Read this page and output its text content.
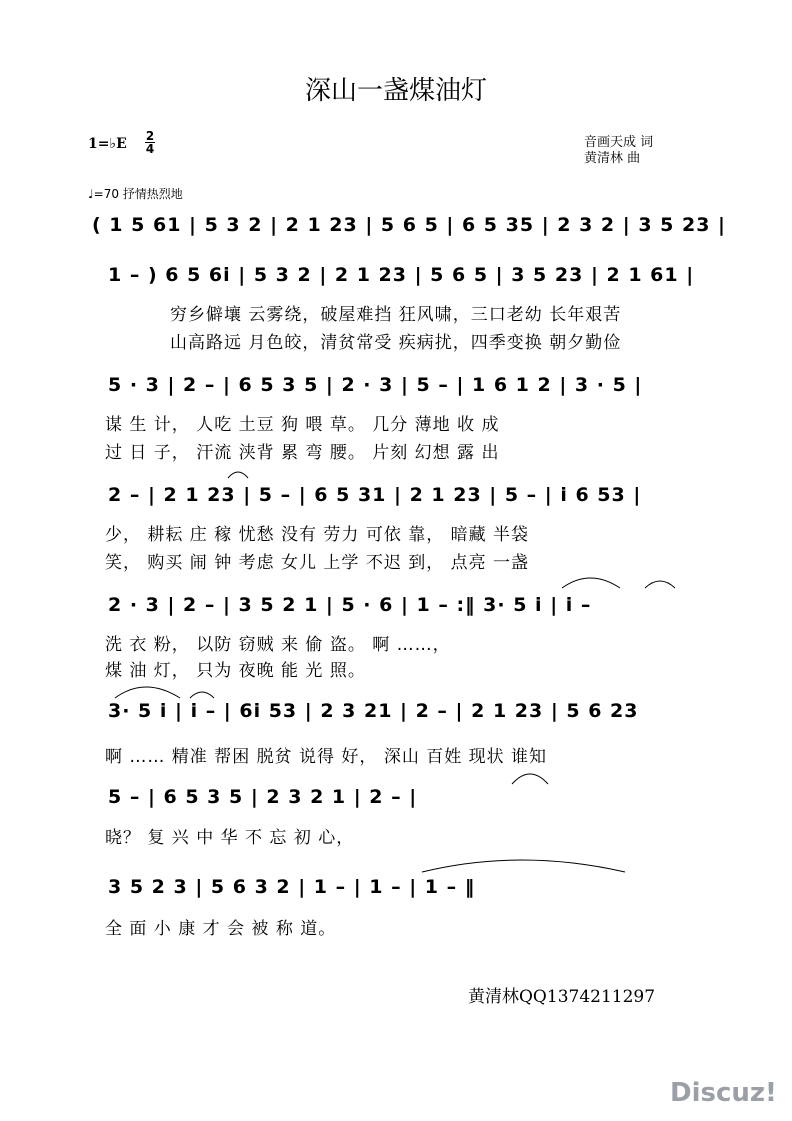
深山一盏煤油灯
1=♭E 2
4	音画天成 词
黄清林 曲
♩=70 抒情热烈地
( 1 5 61 | 5 3 2 | 2 1 23 | 5 6 5 | 6 5 35 | 2 3 2 | 3 5 23 |
1 – ) 6 5 6i | 5 3 2 | 2 1 23 | 5 6 5 | 3 5 23 | 2 1 61 |
穷乡僻壤 云雾绕，破屋难挡 狂风啸，三口老幼 长年艰苦
山高路远 月色皎，清贫常受 疾病扰，四季变换 朝夕勤俭
5 · 3 | 2 – | 6 5 3 5 | 2 · 3 | 5 – | 1 6 1 2 | 3 · 5 |
谋 生 计， 人吃 土豆 狗 喂 草。 几分 薄地 收 成
过 日 子， 汗流 浃背 累 弯 腰。 片刻 幻想 露 出
2 – | 2 1 23 | 5 – | 6 5 31 | 2 1 23 | 5 – | i 6 53 |
少， 耕耘 庄 稼 忧愁 没有 劳力 可依 靠， 暗藏 半袋
笑， 购买 闹 钟 考虑 女儿 上学 不迟 到， 点亮 一盏
2 · 3 | 2 – | 3 5 2 1 | 5 · 6 | 1 – :‖ 3· 5 i | i –
洗 衣 粉， 以防 窃贼 来 偷 盗。 啊 ……，
煤 油 灯， 只为 夜晚 能 光 照。
3· 5 i | i – | 6i 53 | 2 3 21 | 2 – | 2 1 23 | 5 6 23
啊 …… 精准 帮困 脱贫 说得 好， 深山 百姓 现状 谁知
5 – | 6 5 3 5 | 2 3 2 1 | 2 – |
晓？ 复 兴 中 华 不 忘 初 心，
3 5 2 3 | 5 6 3 2 | 1 – | 1 – | 1 – ‖
全 面 小 康 才 会 被 称 道。
黄清林QQ1374211297
Discuz!
